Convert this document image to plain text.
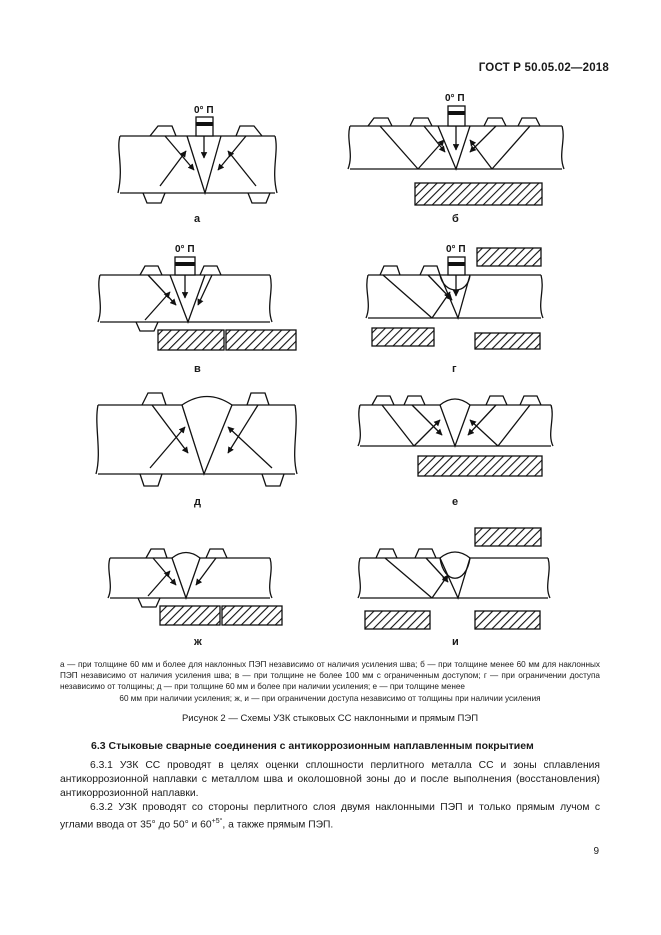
ГОСТ Р 50.05.02—2018
0° П
0° П
0° П	0° П
а	б
в	г
д	е
ж	и
а — при толщине 60 мм и более для наклонных ПЭП независимо от наличия усиления шва; б — при толщине менее 60 мм для наклонных ПЭП независимо от наличия усиления шва; в — при толщине не более 100 мм с ограниченным доступом; г — при ограничении доступа независимо от толщины; д — при толщине 60 мм и более при наличии усиления; е — при толщине менее
60 мм при наличии усиления; ж, и — при ограничении доступа независимо от толщины при наличии усиления
Рисунок 2 — Схемы УЗК стыковых СС наклонными и прямым ПЭП
6.3 Стыковые сварные соединения с антикоррозионным наплавленным покрытием
6.3.1 УЗК СС проводят в целях оценки сплошности перлитного металла СС и зоны сплавления антикоррозионной наплавки с металлом шва и околошовной зоны до и после выполнения (восстановления) антикоррозионной наплавки.
6.3.2 УЗК проводят со стороны перлитного слоя двумя наклонными ПЭП и только прямым лучом с углами ввода от 35° до 50° и $60^{+5^\circ}$, а также прямым ПЭП.
9
